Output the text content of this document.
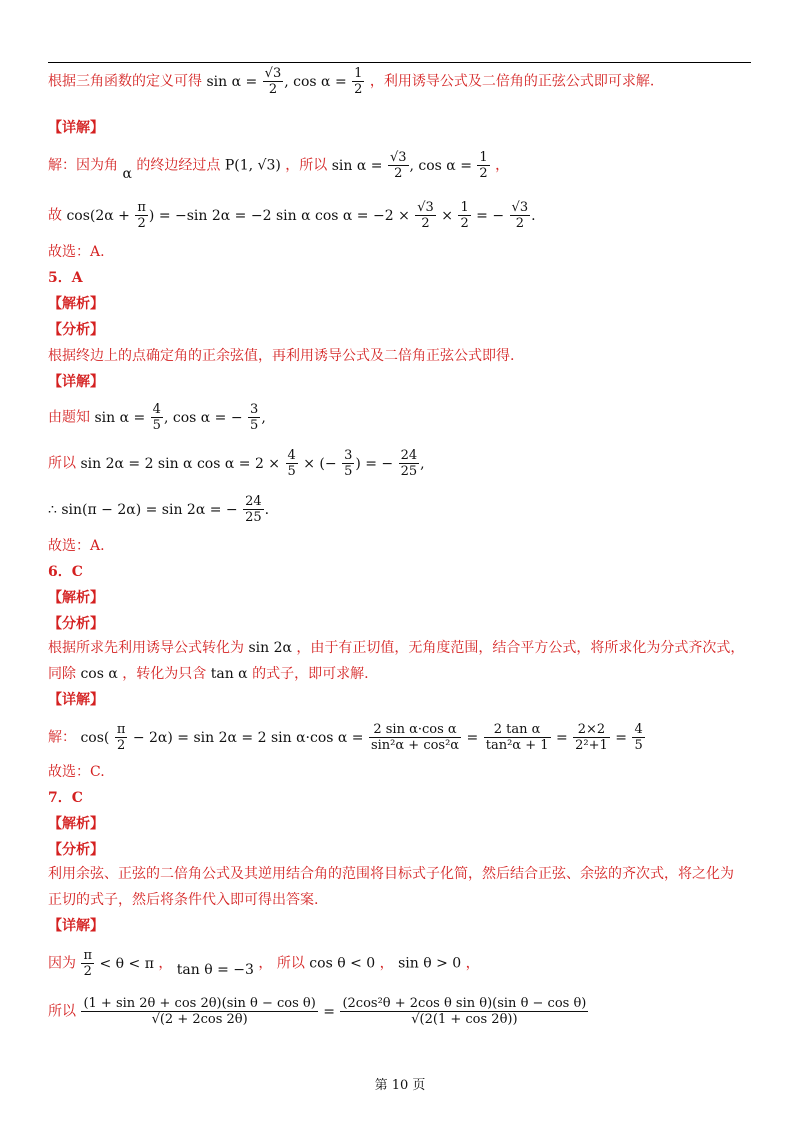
根据三角函数的定义可得 $\sin \alpha = \frac{√3}{2}$ , $\cos \alpha = \frac{1}{2}$ ，利用诱导公式及二倍角的正弦公式即可求解.
【详解】
解：因为角 α 的终边经过点 P(1, √3) ，所以 $\sin \alpha = \frac{√3}{2}$ , $\cos \alpha = \frac{1}{2}$ ，
故 $\cos(2\alpha + \frac{\pi}{2}$ ) = −sin 2α = −2 sin α $\cos \alpha = -2 \times \frac{√3}{2} \times \frac{1}{2}$ = − $\frac{√3}{2}$ .
故选：A.
5．A
【解析】
【分析】
根据终边上的点确定角的正余弦值，再利用诱导公式及二倍角正弦公式即得.
【详解】
由题知 $\sin \alpha = \frac{4}{5}$ , cos α = − $\frac{3}{5}$ ,
所以 sin 2α = 2 sin α $\cos \alpha = 2 \times \frac{4}{5}$ × (− $\frac{3}{5}$ ) = − $\frac{24}{25}$ ,
∴ sin(π − 2α) = sin 2α = − $\frac{24}{25}$ .
故选：A.
6．C
【解析】
【分析】
根据所求先利用诱导公式转化为 sin 2α ，由于有正切值，无角度范围，结合平方公式，将所求化为分式齐次式，
同除 cos α ，转化为只含 tan α 的式子，即可求解.
【详解】
解： $\cos( \frac{\pi}{2} - 2\alpha) = \sin 2\alpha = 2$ sin α·cos $\alpha = \frac{\text{2 sin α·cos α}}{\text{sin²α + cos²α}} = \frac{\text{2 tan α}}{\text{tan²α + 1}} = \frac{2\times 2}{\text{2²+1}} = \frac{4}{5}$
故选：C.
7．C
【解析】
【分析】
利用余弦、正弦的二倍角公式及其逆用结合角的范围将目标式子化简，然后结合正弦、余弦的齐次式，将之化为
正切的式子，然后将条件代入即可得出答案.
【详解】
因为 $\frac{\pi}{2} < \theta < \pi$ ， tan θ = −3 ， 所以 cos θ < 0 ， sin θ > 0 ，
所以 $\frac{\text{(1 + sin 2θ + cos 2θ)(sin θ − cos θ)}}{√(2 + 2\cos 2\theta)} = \frac{\text{(2cos²θ + 2cos θ sin θ)(sin θ − cos θ)}}{√(2(1 + \cos 2\theta))}$
第 10 页
